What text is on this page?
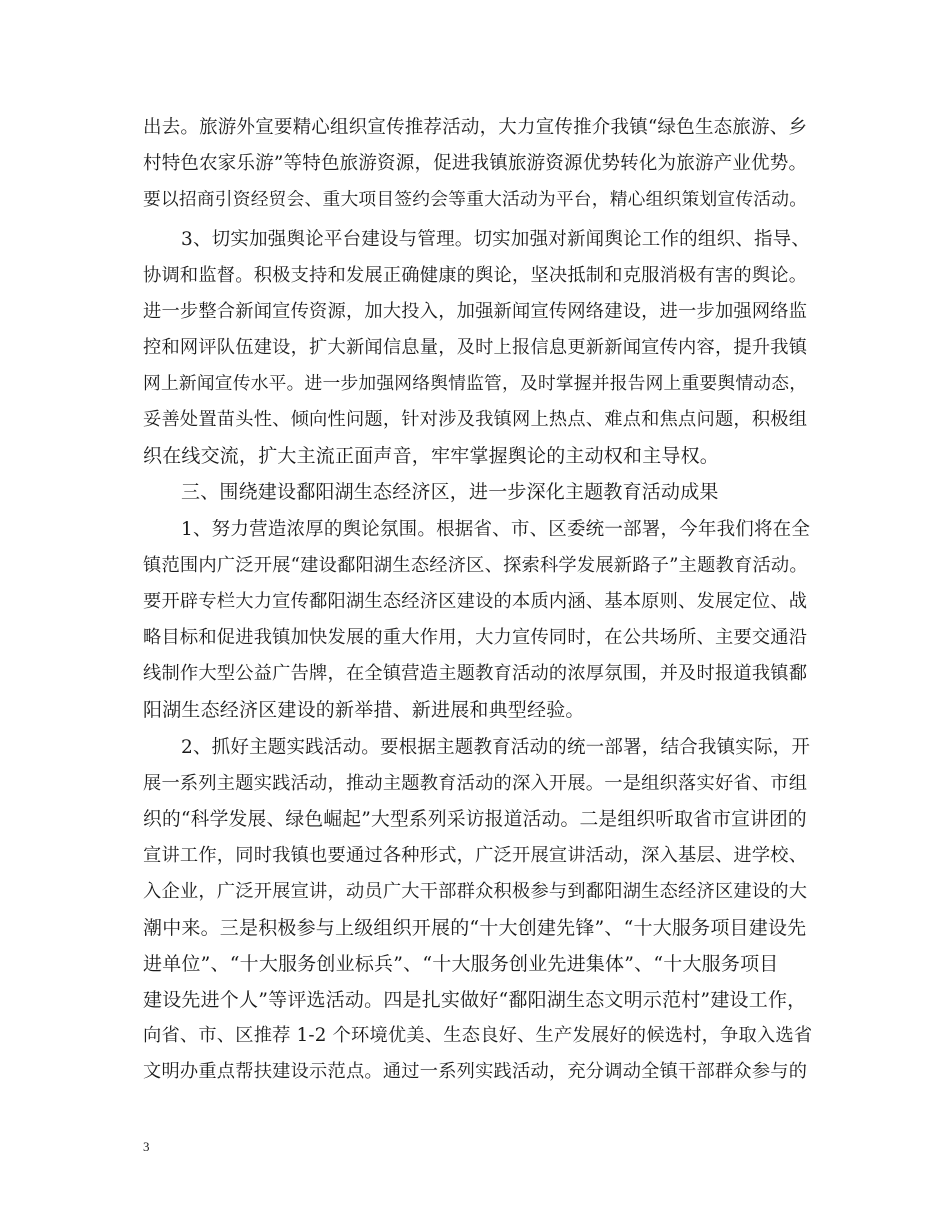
出去。旅游外宣要精心组织宣传推荐活动，大力宣传推介我镇“绿色生态旅游、乡
村特色农家乐游”等特色旅游资源，促进我镇旅游资源优势转化为旅游产业优势。
要以招商引资经贸会、重大项目签约会等重大活动为平台，精心组织策划宣传活动。
3、切实加强舆论平台建设与管理。切实加强对新闻舆论工作的组织、指导、
协调和监督。积极支持和发展正确健康的舆论，坚决抵制和克服消极有害的舆论。
进一步整合新闻宣传资源，加大投入，加强新闻宣传网络建设，进一步加强网络监
控和网评队伍建设，扩大新闻信息量，及时上报信息更新新闻宣传内容，提升我镇
网上新闻宣传水平。进一步加强网络舆情监管，及时掌握并报告网上重要舆情动态，
妥善处置苗头性、倾向性问题，针对涉及我镇网上热点、难点和焦点问题，积极组
织在线交流，扩大主流正面声音，牢牢掌握舆论的主动权和主导权。
三、围绕建设鄱阳湖生态经济区，进一步深化主题教育活动成果
1、努力营造浓厚的舆论氛围。根据省、市、区委统一部署，今年我们将在全
镇范围内广泛开展“建设鄱阳湖生态经济区、探索科学发展新路子”主题教育活动。
要开辟专栏大力宣传鄱阳湖生态经济区建设的本质内涵、基本原则、发展定位、战
略目标和促进我镇加快发展的重大作用，大力宣传同时，在公共场所、主要交通沿
线制作大型公益广告牌，在全镇营造主题教育活动的浓厚氛围，并及时报道我镇鄱
阳湖生态经济区建设的新举措、新进展和典型经验。
2、抓好主题实践活动。要根据主题教育活动的统一部署，结合我镇实际，开
展一系列主题实践活动，推动主题教育活动的深入开展。一是组织落实好省、市组
织的“科学发展、绿色崛起”大型系列采访报道活动。二是组织听取省市宣讲团的
宣讲工作，同时我镇也要通过各种形式，广泛开展宣讲活动，深入基层、进学校、
入企业，广泛开展宣讲，动员广大干部群众积极参与到鄱阳湖生态经济区建设的大
潮中来。三是积极参与上级组织开展的“十大创建先锋”、“十大服务项目建设先
进单位”、“十大服务创业标兵”、“十大服务创业先进集体”、“十大服务项目
建设先进个人”等评选活动。四是扎实做好“鄱阳湖生态文明示范村”建设工作，
向省、市、区推荐 1-2 个环境优美、生态良好、生产发展好的候选村，争取入选省
文明办重点帮扶建设示范点。通过一系列实践活动，充分调动全镇干部群众参与的
3
